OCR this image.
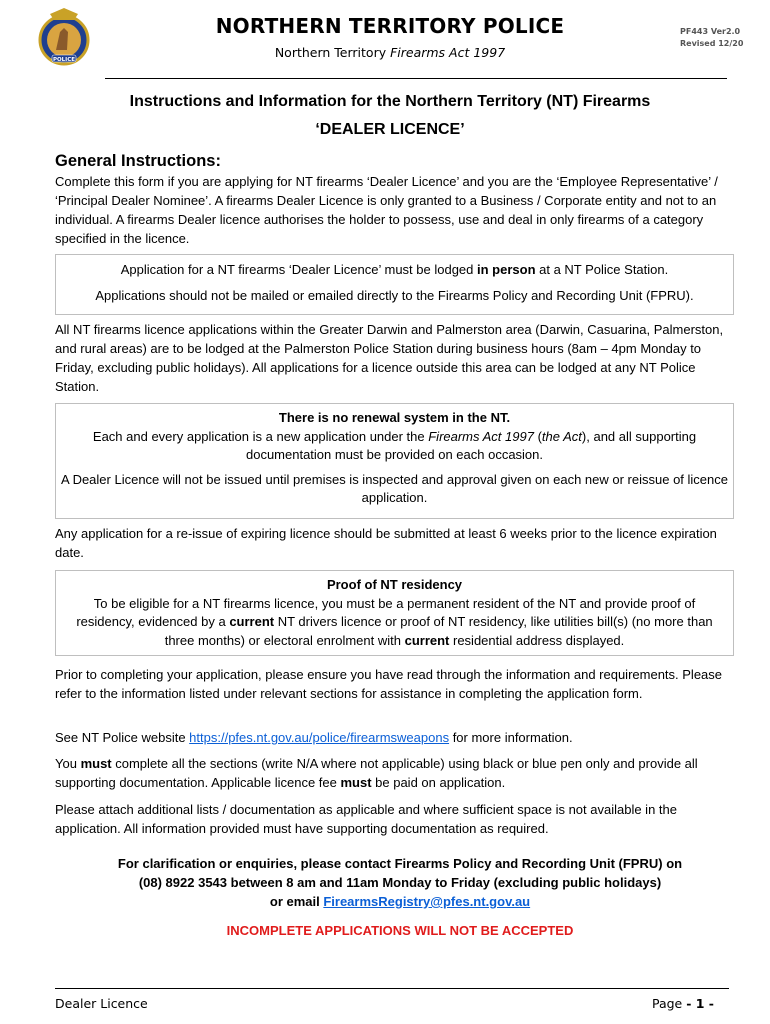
POLICE
NORTHERN TERRITORY POLICE
Northern Territory Firearms Act 1997
PF443 Ver2.0
Revised 12/20
Instructions and Information for the Northern Territory (NT) Firearms
‘DEALER LICENCE’
General Instructions:
Complete this form if you are applying for NT firearms ‘Dealer Licence’ and you are the ‘Employee Representative’ / ‘Principal Dealer Nominee’. A firearms Dealer Licence is only granted to a Business / Corporate entity and not to an individual. A firearms Dealer licence authorises the holder to possess, use and deal in only firearms of a category specified in the licence.

Application for a NT firearms ‘Dealer Licence’ must be lodged in person at a NT Police Station.

Applications should not be mailed or emailed directly to the Firearms Policy and Recording Unit (FPRU).

All NT firearms licence applications within the Greater Darwin and Palmerston area (Darwin, Casuarina, Palmerston, and rural areas) are to be lodged at the Palmerston Police Station during business hours (8am – 4pm Monday to Friday, excluding public holidays). All applications for a licence outside this area can be lodged at any NT Police Station.

There is no renewal system in the NT.

Each and every application is a new application under the Firearms Act 1997 (the Act), and all supporting documentation must be provided on each occasion.

A Dealer Licence will not be issued until premises is inspected and approval given on each new or reissue of licence application.

Any application for a re-issue of expiring licence should be submitted at least 6 weeks prior to the licence expiration date.

Proof of NT residency

To be eligible for a NT firearms licence, you must be a permanent resident of the NT and provide proof of residency, evidenced by a current NT drivers licence or proof of NT residency, like utilities bill(s) (no more than three months) or electoral enrolment with current residential address displayed.

Prior to completing your application, please ensure you have read through the information and requirements. Please refer to the information listed under relevant sections for assistance in completing the application form.
See NT Police website https://pfes.nt.gov.au/police/firearmsweapons for more information.
You must complete all the sections (write N/A where not applicable) using black or blue pen only and provide all supporting documentation. Applicable licence fee must be paid on application.
Please attach additional lists / documentation as applicable and where sufficient space is not available in the application. All information provided must have supporting documentation as required.

For clarification or enquiries, please contact Firearms Policy and Recording Unit (FPRU) on

(08) 8922 3543 between 8 am and 11am Monday to Friday (excluding public holidays)

or email FirearmsRegistry@pfes.nt.gov.au

INCOMPLETE APPLICATIONS WILL NOT BE ACCEPTED
Dealer Licence	Page - 1 -
